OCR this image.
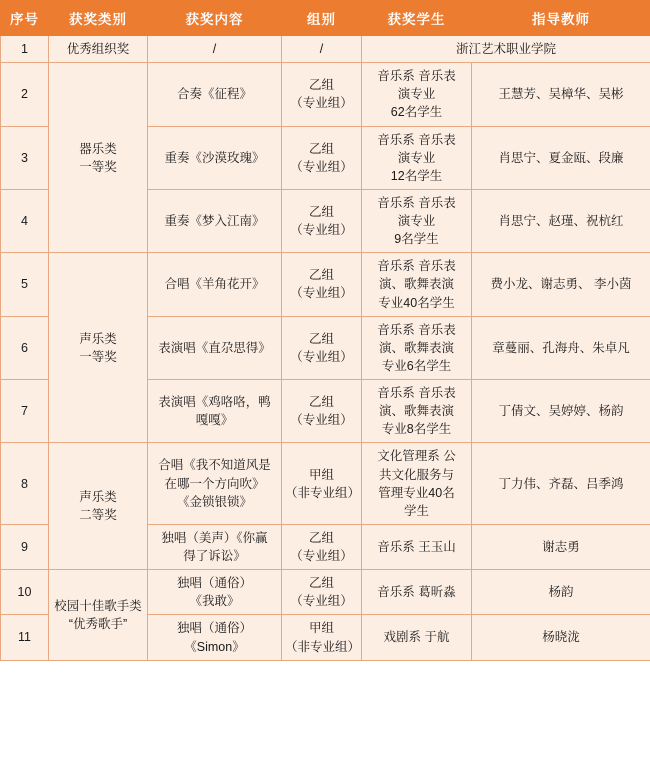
序号	获奖类别	获奖内容	组别	获奖学生	指导教师

1	优秀组织奖	/	/	浙江艺术职业学院	

2	器乐类
一等奖	合奏《征程》	乙组
（专业组）	音乐系 音乐表
演专业
62名学生	王慧芳、吴樟华、吴彬

3		重奏《沙漠玫瑰》	乙组
（专业组）	音乐系 音乐表
演专业
12名学生	肖思宁、夏金瓯、段廉

4		重奏《梦入江南》	乙组
（专业组）	音乐系 音乐表
演专业
9名学生	肖思宁、赵瑾、祝杭红

5	声乐类
一等奖	合唱《羊角花开》	乙组
（专业组）	音乐系 音乐表
演、歌舞表演
专业40名学生	费小龙、谢志勇、 李小茵

6		表演唱《直尕思得》	乙组
（专业组）	音乐系 音乐表
演、歌舞表演
专业6名学生	章蔓丽、孔海舟、朱卓凡

7		表演唱《鸡咯咯，鸭
嘎嘎》	乙组
（专业组）	音乐系 音乐表
演、歌舞表演
专业8名学生	丁倩文、吴婷婷、杨韵

8	声乐类
二等奖	合唱《我不知道风是
在哪一个方向吹》
《金锁银锁》	甲组
（非专业组）	文化管理系 公
共文化服务与
管理专业40名
学生	丁力伟、齐磊、吕季鸿

9		独唱（美声）《你赢
得了诉讼》	乙组
（专业组）	音乐系 王玉山	谢志勇

10	校园十佳歌手类
“优秀歌手”	独唱（通俗）
《我敢》	乙组
（专业组）	音乐系 葛昕淼	杨韵

11		独唱（通俗）
《Simon》	甲组
（非专业组）	戏剧系 于航	杨晓泷
